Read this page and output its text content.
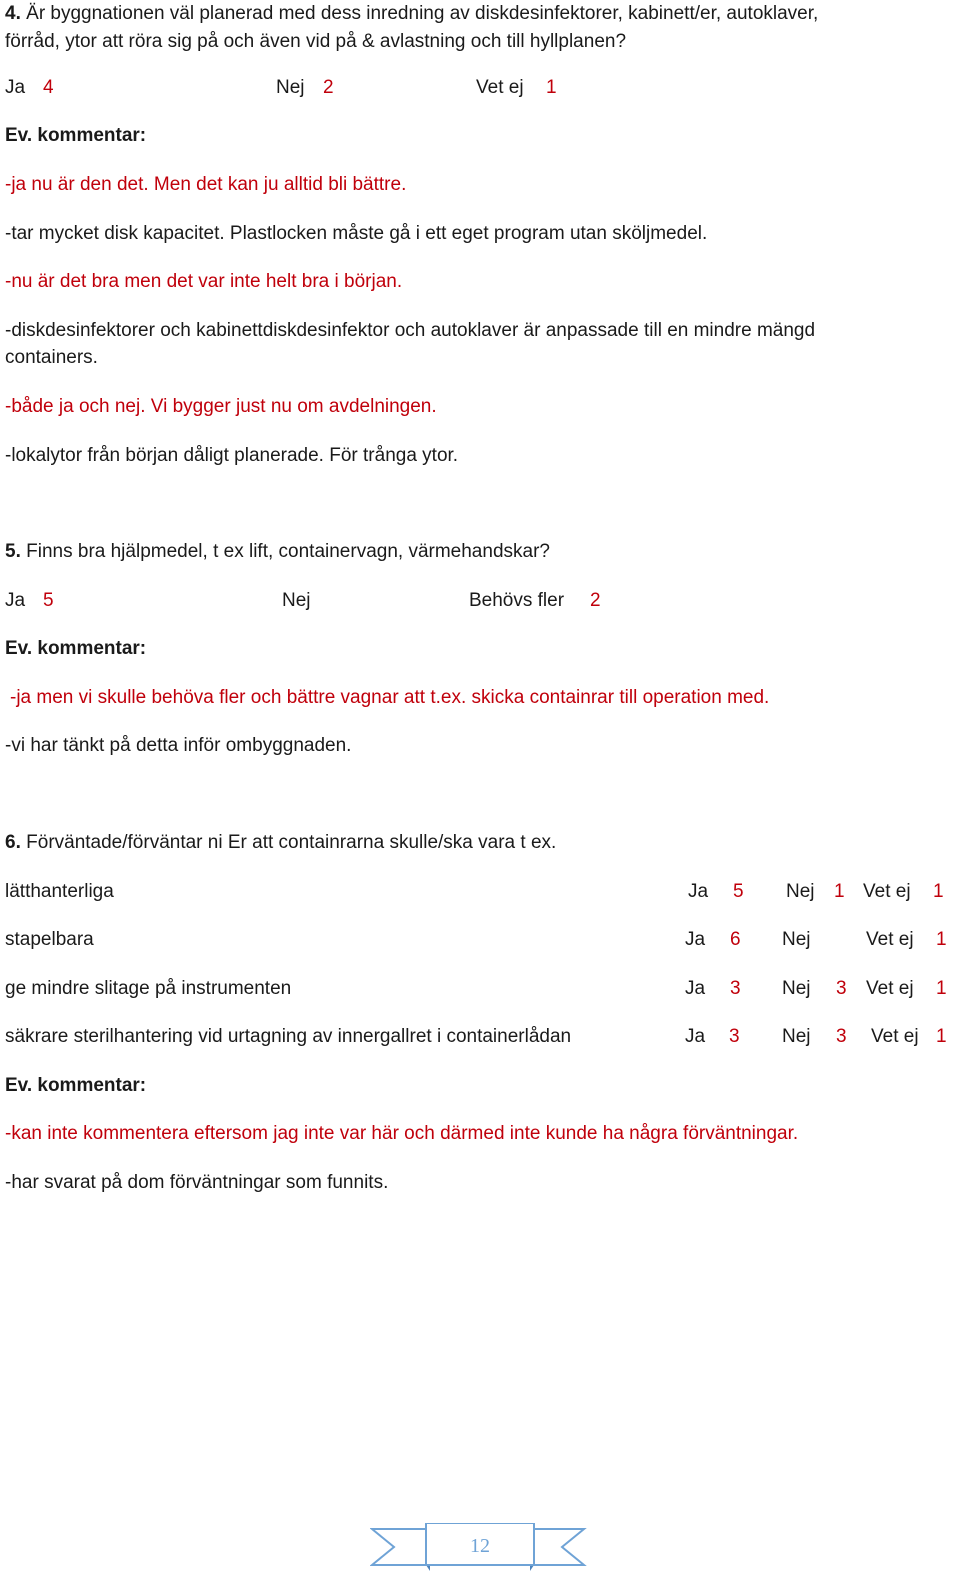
4. Är byggnationen väl planerad med dess inredning av diskdesinfektorer, kabinett/er, autoklaver,
förråd, ytor att röra sig på och även vid på & avlastning och till hyllplanen?
Ja 4	Nej 2	Vet ej 1
Ev. kommentar:
-ja nu är den det. Men det kan ju alltid bli bättre.
-tar mycket disk kapacitet. Plastlocken måste gå i ett eget program utan sköljmedel.
-nu är det bra men det var inte helt bra i början.
-diskdesinfektorer och kabinettdiskdesinfektor och autoklaver är anpassade till en mindre mängd
containers.
-både ja och nej. Vi bygger just nu om avdelningen.
-lokalytor från början dåligt planerade. För trånga ytor.
5. Finns bra hjälpmedel, t ex lift, containervagn, värmehandskar?
Ja 5	Nej	Behövs fler 2
Ev. kommentar:
-ja men vi skulle behöva fler och bättre vagnar att t.ex. skicka containrar till operation med.
-vi har tänkt på detta inför ombyggnaden.
6. Förväntade/förväntar ni Er att containrarna skulle/ska vara t ex.
lätthanterliga	Ja 5 Nej 1 Vet ej 1
stapelbara	Ja 6 Nej	Vet ej 1
ge mindre slitage på instrumenten	Ja 3 Nej 3 Vet ej 1
säkrare sterilhantering vid urtagning av innergallret i containerlådan	Ja 3 Nej 3 Vet ej 1
Ev. kommentar:
-kan inte kommentera eftersom jag inte var här och därmed inte kunde ha några förväntningar.
-har svarat på dom förväntningar som funnits.
12
